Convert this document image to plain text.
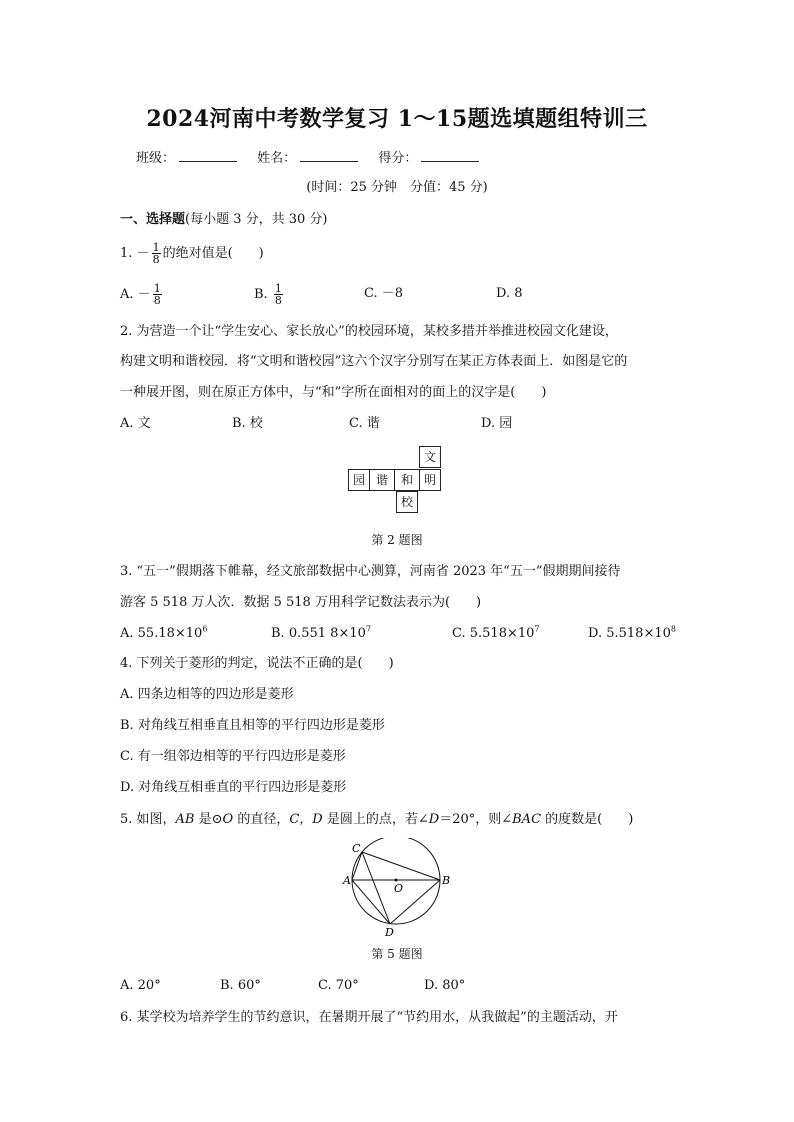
2024河南中考数学复习 1～15题选填题组特训三
班级：	姓名：	得分：
(时间：25 分钟　分值：45 分)
一、选择题(每小题 3 分，共 30 分)
1. － $\frac{1}{8}$ 的绝对值是(　　)
A. － $\frac{1}{8}$	B. $\frac{1}{8}$	C. －8	D. 8
2. 为营造一个让“学生安心、家长放心”的校园环境，某校多措并举推进校园文化建设，
构建文明和谐校园．将“文明和谐校园”这六个汉字分别写在某正方体表面上．如图是它的
一种展开图，则在原正方体中，与“和”字所在面相对的面上的汉字是(　　)
A. 文	B. 校	C. 谐	D. 园
文
园 谐	和 明
校
第 2 题图
3. “五一”假期落下帷幕，经文旅部数据中心测算，河南省 2023 年“五一”假期期间接待
游客 5 518 万人次．数据 5 518 万用科学记数法表示为(　　)
A. $55.18\times 10^6$	B. 0.551 $8\times 10^7$	C. $5.518\times 10^7$	D. $5.518\times 10^8$
4. 下列关于菱形的判定，说法不正确的是(　　)
A. 四条边相等的四边形是菱形
B. 对角线互相垂直且相等的平行四边形是菱形
C. 有一组邻边相等的平行四边形是菱形
D. 对角线互相垂直的平行四边形是菱形
5. 如图，AB 是⊙O 的直径，C，D 是圆上的点，若∠D＝20°，则∠BAC 的度数是(　　)
A	B
C
D
O
第 5 题图
A. 20°	B. 60°	C. 70°	D. 80°
6. 某学校为培养学生的节约意识，在暑期开展了“节约用水，从我做起”的主题活动，开
